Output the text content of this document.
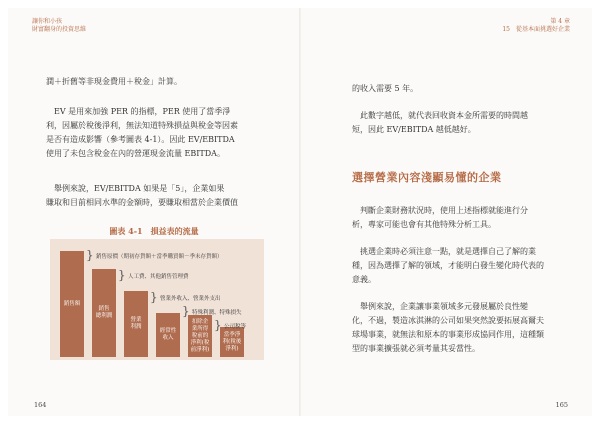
讓你和小孩
財富翻身的投資思維
潤＋折舊等非現金費用＋稅金」計算。
EV 是用來加強 PER 的指標，PER 使用了當季淨
利，因屬於稅後淨利，無法知道特殊損益與稅金等因素
是否有造成影響（參考圖表 4-1）。因此 EV/EBITDA
使用了未包含稅金在內的營運現金流量 EBITDA。
舉例來說，EV/EBITDA 如果是「5」，企業如果
賺取和目前相同水準的金額時，要賺取相當於企業價值
圖表 4-1　損益表的流量
銷售額
銷售
總利潤
營業
利潤
經常性
收入
扣除企
業所得
稅前的
淨利(稅
前淨利)
當季淨
利(稅後
淨利)
} 銷售原價（期初存貨額＋當季購買額－季末存貨額）
} 人工費、其他銷售管理費
} 營業外收入、營業外支出
} 特殊利潤、特殊損失
} 公司稅等
164
第 4 章
15　從基本面挑選好企業
的收入需要 5 年。
此數字越低，就代表回收資本金所需要的時間越
短，因此 EV/EBITDA 越低越好。
選擇營業內容淺顯易懂的企業
判斷企業財務狀況時，使用上述指標就能進行分
析，專家可能也會有其他特殊分析工具。
挑選企業時必須注意一點，就是選擇自己了解的業
種，因為選擇了解的領域，才能明白發生變化時代表的
意義。
舉例來說，企業讓事業領域多元發展屬於良性變
化，不過，製造冰淇淋的公司如果突然說要拓展高爾夫
球場事業，就無法和原本的事業形成協同作用，這種類
型的事業擴張就必須考量其妥當性。
165
